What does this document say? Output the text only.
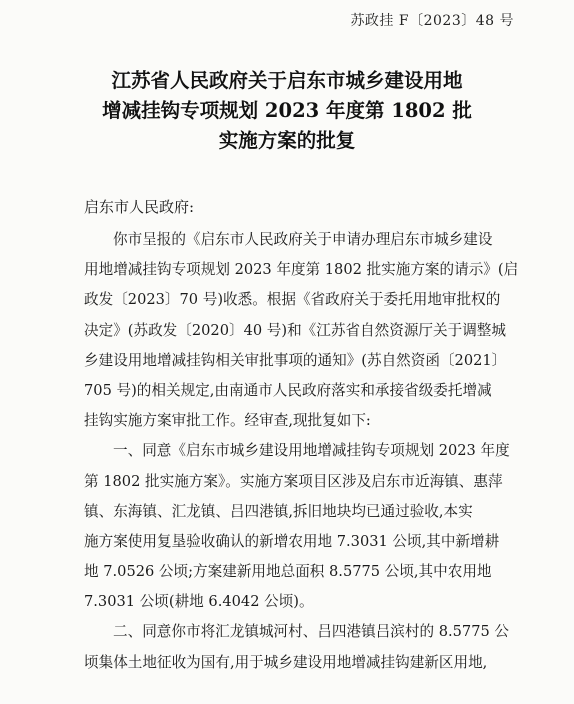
苏政挂 F〔2023〕48 号
江苏省人民政府关于启东市城乡建设用地
增减挂钩专项规划 2023 年度第 1802 批
实施方案的批复
启东市人民政府:
你市呈报的《启东市人民政府关于申请办理启东市城乡建设
用地增减挂钩专项规划 2023 年度第 1802 批实施方案的请示》(启
政发〔2023〕70 号)收悉。根据《省政府关于委托用地审批权的
决定》(苏政发〔2020〕40 号)和《江苏省自然资源厅关于调整城
乡建设用地增减挂钩相关审批事项的通知》(苏自然资函〔2021〕
705 号)的相关规定,由南通市人民政府落实和承接省级委托增减
挂钩实施方案审批工作。经审查,现批复如下:
一、同意《启东市城乡建设用地增减挂钩专项规划 2023 年度
第 1802 批实施方案》。实施方案项目区涉及启东市近海镇、惠萍
镇、东海镇、汇龙镇、吕四港镇,拆旧地块均已通过验收,本实
施方案使用复垦验收确认的新增农用地 7.3031 公顷,其中新增耕
地 7.0526 公顷;方案建新用地总面积 8.5775 公顷,其中农用地
7.3031 公顷(耕地 6.4042 公顷)。
二、同意你市将汇龙镇城河村、吕四港镇吕滨村的 8.5775 公
顷集体土地征收为国有,用于城乡建设用地增减挂钩建新区用地,
